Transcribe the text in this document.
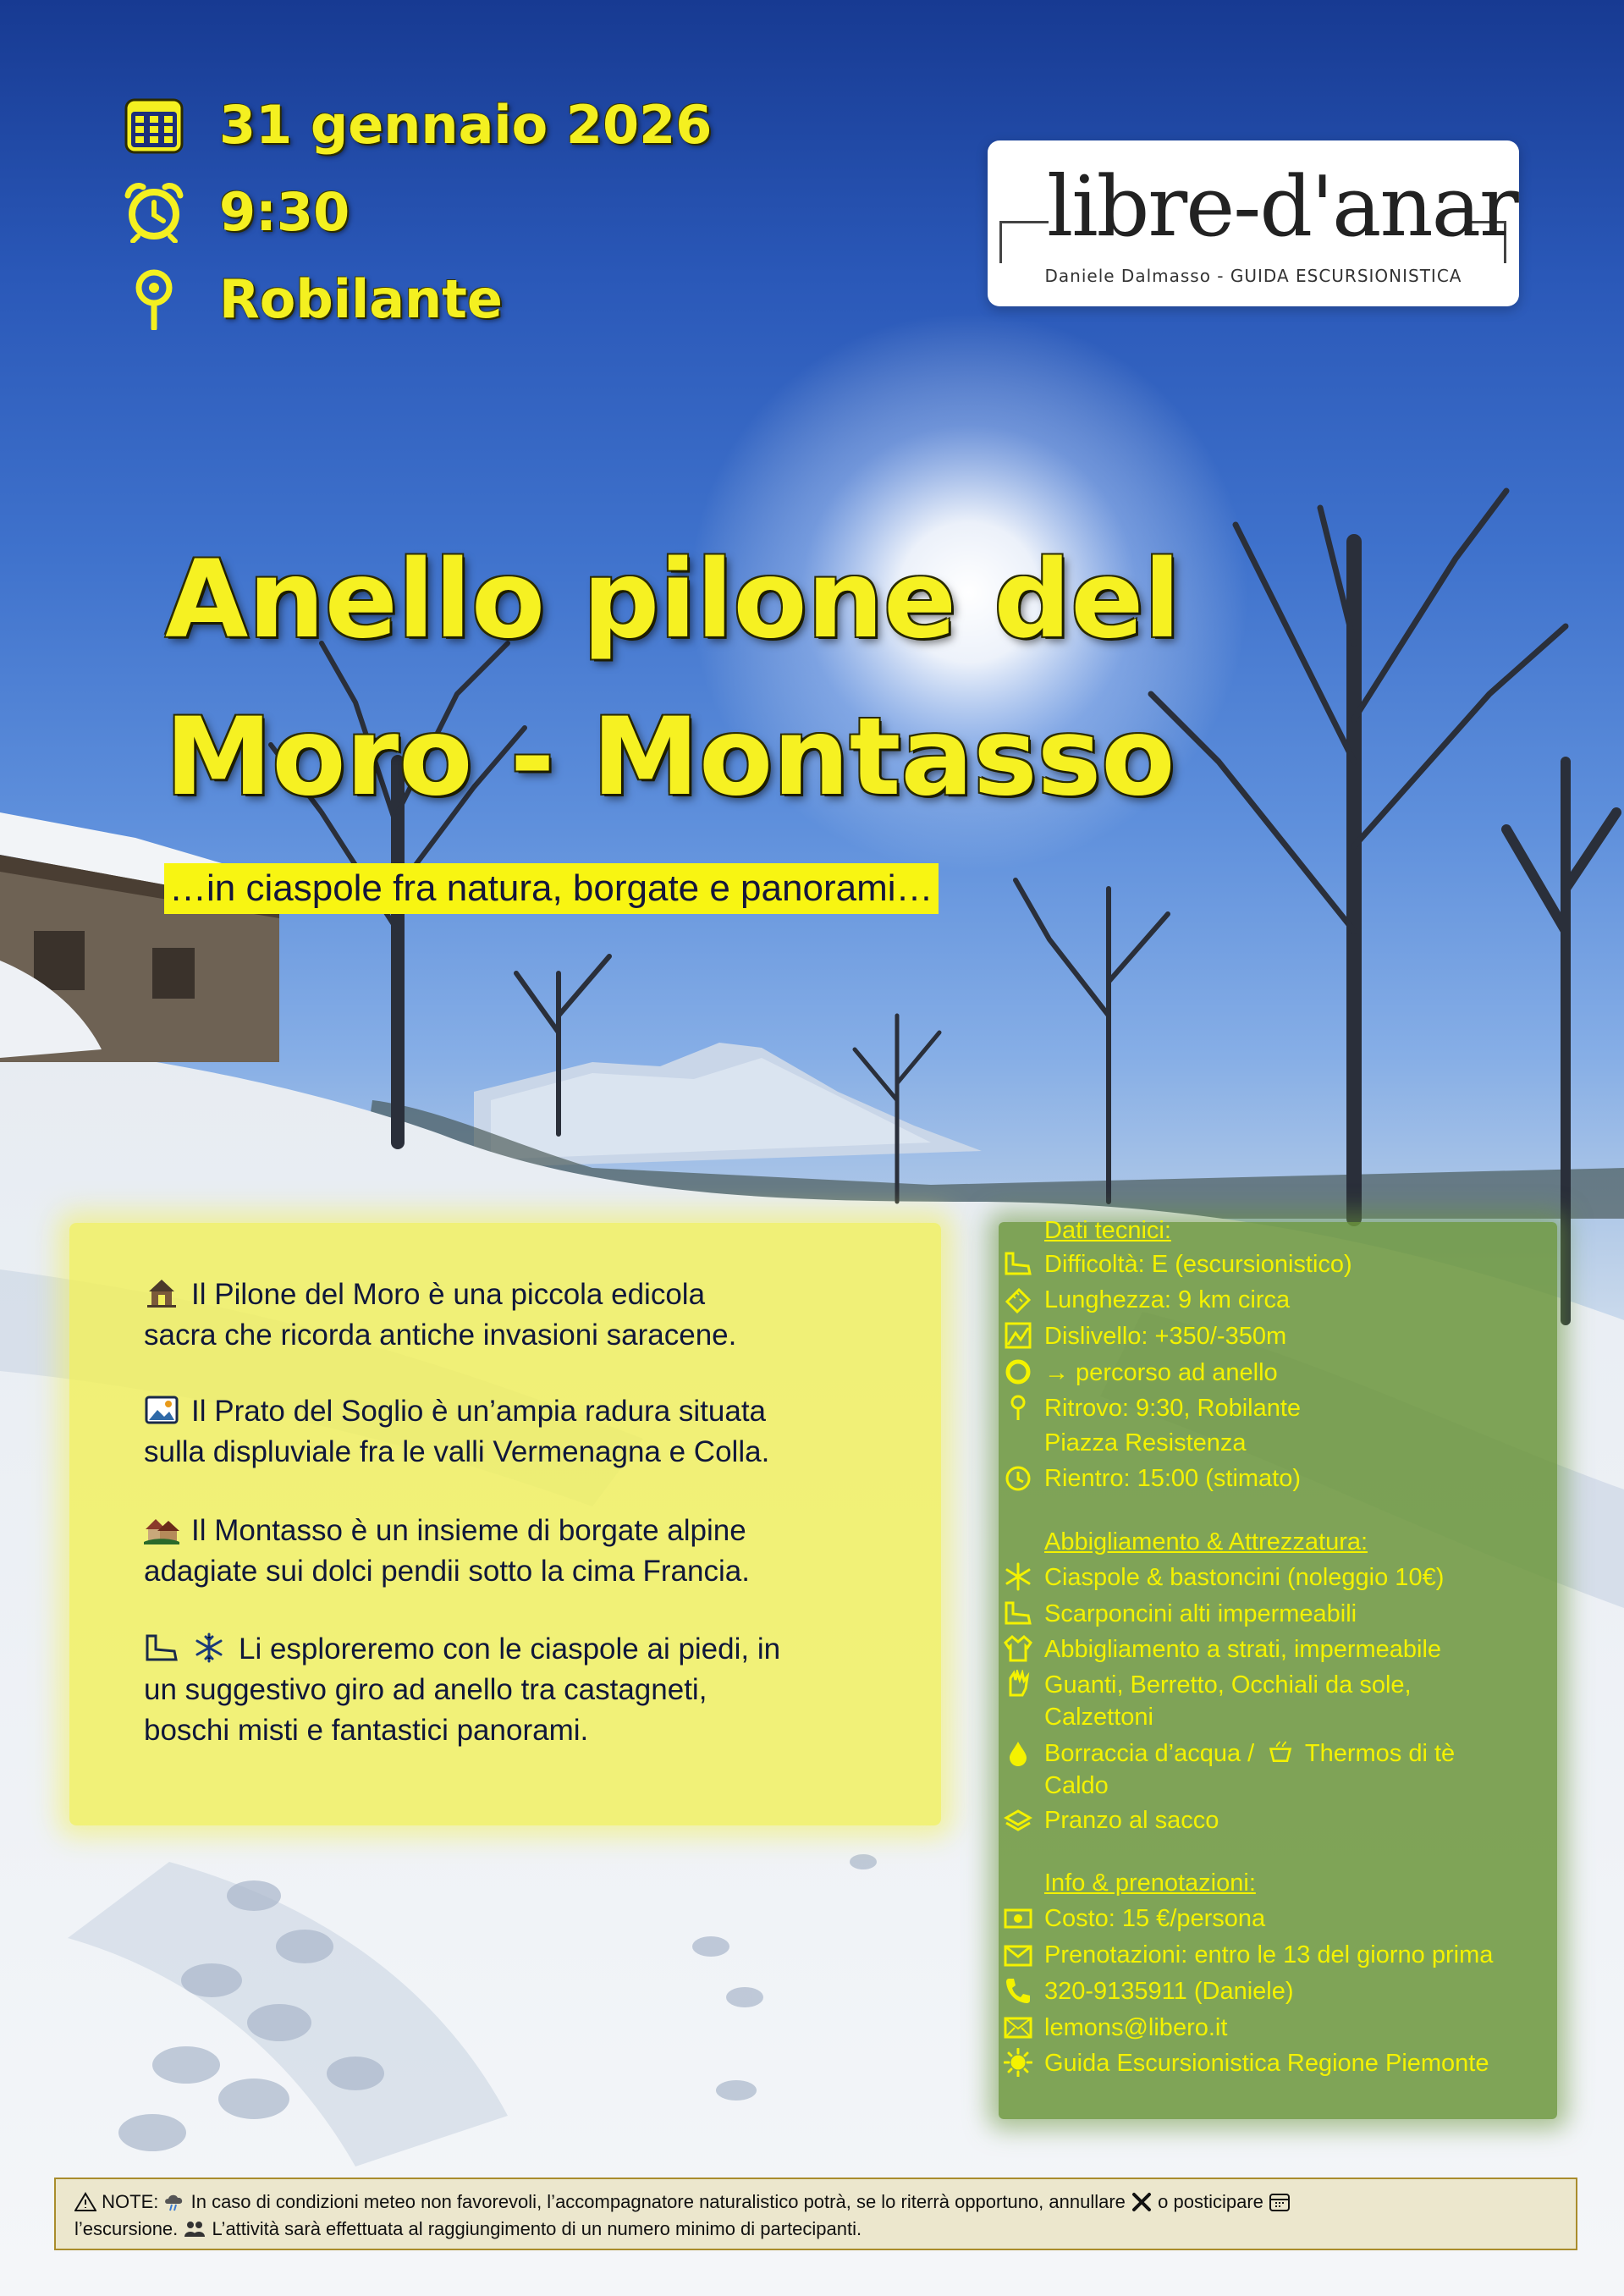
31 gennaio 2026
9:30
Robilante
libre-d'anar
Daniele Dalmasso - GUIDA ESCURSIONISTICA
Anello pilone del
Moro - Montasso
…in ciaspole fra natura, borgate e panorami…
Il Pilone del Moro è una piccola edicola
sacra che ricorda antiche invasioni saracene.
Il Prato del Soglio è un’ampia radura situata
sulla displuviale fra le valli Vermenagna e Colla.
Il Montasso è un insieme di borgate alpine
adagiate sui dolci pendii sotto la cima Francia.
Li esploreremo con le ciaspole ai piedi, in
un suggestivo giro ad anello tra castagneti,
boschi misti e fantastici panorami.
Dati tecnici:
Difficoltà: E (escursionistico)
Lunghezza: 9 km circa
Dislivello: +350/-350m
→ percorso ad anello
Ritrovo: 9:30, Robilante
Piazza Resistenza
Rientro: 15:00 (stimato)
Abbigliamento & Attrezzatura:
Ciaspole & bastoncini (noleggio 10€)
Scarponcini alti impermeabili
Abbigliamento a strati, impermeabile
Guanti, Berretto, Occhiali da sole,
Calzettoni
Borraccia d’acqua / Thermos di tè
Caldo
Pranzo al sacco
Info & prenotazioni:
Costo: 15 €/persona
Prenotazioni: entro le 13 del giorno prima
320-9135911 (Daniele)
lemons@libero.it
Guida Escursionistica Regione Piemonte
NOTE: In caso di condizioni meteo non favorevoli, l’accompagnatore naturalistico potrà, se lo riterrà opportuno, annullare o posticipare
l’escursione. L’attività sarà effettuata al raggiungimento di un numero minimo di partecipanti.
